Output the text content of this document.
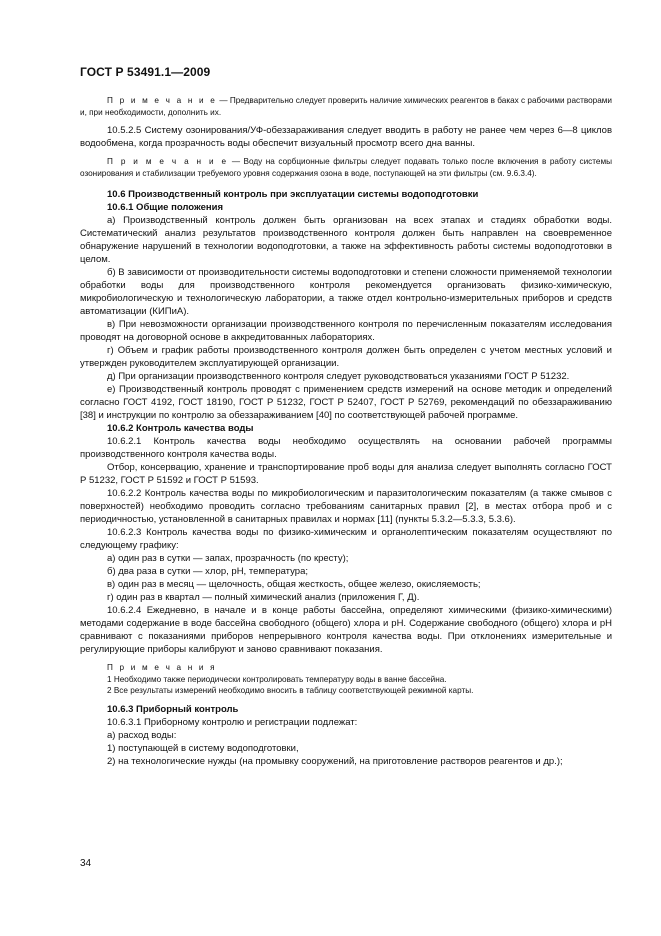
ГОСТ Р 53491.1—2009

П р и м е ч а н и е — Предварительно следует проверить наличие химических реагентов в баках с рабочими растворами и, при необходимости, дополнить их.

10.5.2.5 Систему озонирования/УФ-обеззараживания следует вводить в работу не ранее чем через 6—8 циклов водообмена, когда прозрачность воды обеспечит визуальный просмотр всего дна ванны.

П р и м е ч а н и е — Воду на сорбционные фильтры следует подавать только после включения в работу системы озонирования и стабилизации требуемого уровня содержания озона в воде, поступающей на эти фильтры (см. 9.6.3.4).

10.6 Производственный контроль при эксплуатации системы водоподготовки

10.6.1 Общие положения

а) Производственный контроль должен быть организован на всех этапах и стадиях обработки воды. Систематический анализ результатов производственного контроля должен быть направлен на своевременное обнаружение нарушений в технологии водоподготовки, а также на эффективность работы системы водоподготовки в целом.

б) В зависимости от производительности системы водоподготовки и степени сложности применяемой технологии обработки воды для производственного контроля рекомендуется организовать физико-химическую, микробиологическую и технологическую лаборатории, а также отдел контрольно-измерительных приборов и средств автоматизации (КИПиА).

в) При невозможности организации производственного контроля по перечисленным показателям исследования проводят на договорной основе в аккредитованных лабораториях.

г) Объем и график работы производственного контроля должен быть определен с учетом местных условий и утвержден руководителем эксплуатирующей организации.

д) При организации производственного контроля следует руководствоваться указаниями ГОСТ Р 51232.

е) Производственный контроль проводят с применением средств измерений на основе методик и определений согласно ГОСТ 4192, ГОСТ 18190, ГОСТ Р 51232, ГОСТ Р 52407, ГОСТ Р 52769, рекомендаций по обеззараживанию [38] и инструкции по контролю за обеззараживанием [40] по соответствующей рабочей программе.

10.6.2 Контроль качества воды

10.6.2.1 Контроль качества воды необходимо осуществлять на основании рабочей программы производственного контроля качества воды.

Отбор, консервацию, хранение и транспортирование проб воды для анализа следует выполнять согласно ГОСТ Р 51232, ГОСТ Р 51592 и ГОСТ Р 51593.

10.6.2.2 Контроль качества воды по микробиологическим и паразитологическим показателям (а также смывов с поверхностей) необходимо проводить согласно требованиям санитарных правил [2], в местах отбора проб и с периодичностью, установленной в санитарных правилах и нормах [11] (пункты 5.3.2—5.3.3, 5.3.6).

10.6.2.3 Контроль качества воды по физико-химическим и органолептическим показателям осуществляют по следующему графику:

а) один раз в сутки — запах, прозрачность (по кресту);

б) два раза в сутки — хлор, pH, температура;

в) один раз в месяц — щелочность, общая жесткость, общее железо, окисляемость;

г) один раз в квартал — полный химический анализ (приложения Г, Д).

10.6.2.4 Ежедневно, в начале и в конце работы бассейна, определяют химическими (физико-химическими) методами содержание в воде бассейна свободного (общего) хлора и pH. Содержание свободного (общего) хлора и pH сравнивают с показаниями приборов непрерывного контроля качества воды. При отклонениях измерительные и регулирующие приборы калибруют и заново сравнивают показания.

П р и м е ч а н и я

1 Необходимо также периодически контролировать температуру воды в ванне бассейна.

2 Все результаты измерений необходимо вносить в таблицу соответствующей режимной карты.

10.6.3 Приборный контроль

10.6.3.1 Приборному контролю и регистрации подлежат:

а) расход воды:

1) поступающей в систему водоподготовки,

2) на технологические нужды (на промывку сооружений, на приготовление растворов реагентов и др.);

34
